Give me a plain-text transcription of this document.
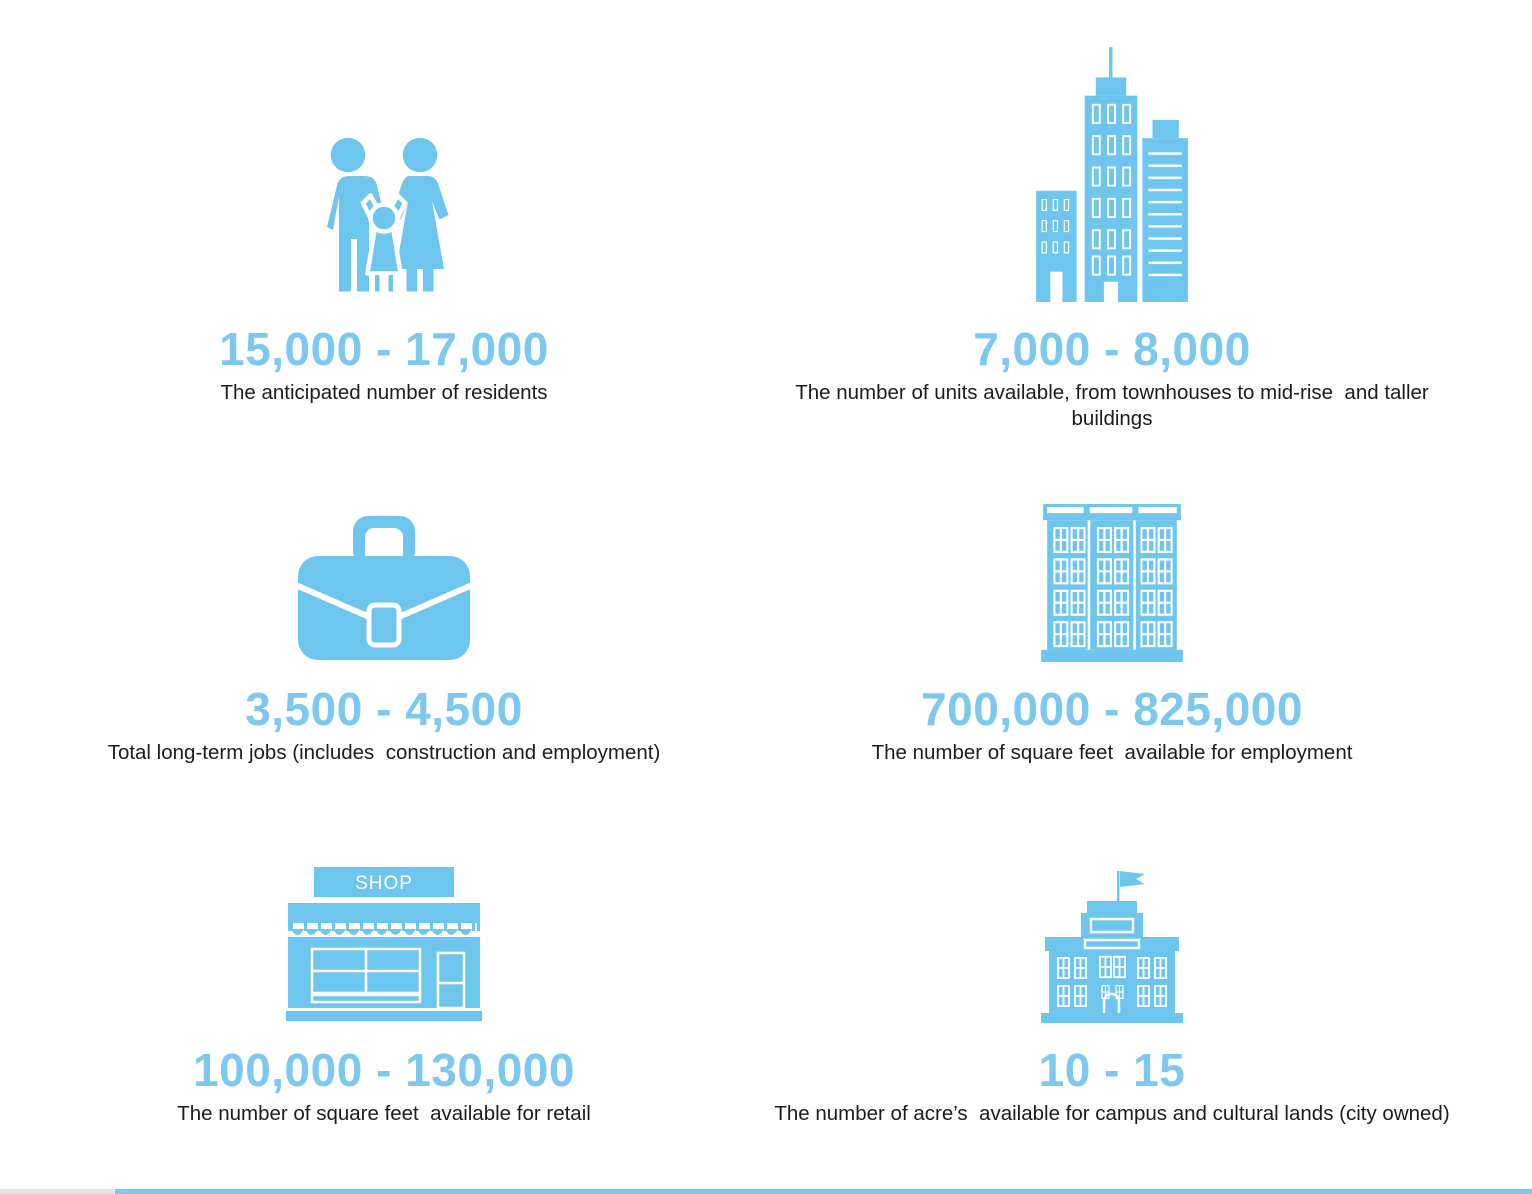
15,000 - 17,000
The anticipated number of residents
7,000 - 8,000
The number of units available, from townhouses to mid-rise  and taller buildings
3,500 - 4,500
Total long-term jobs (includes  construction and employment)
700,000 - 825,000
The number of square feet  available for employment
SHOP
100,000 - 130,000
The number of square feet  available for retail
10 - 15
The number of acre’s  available for campus and cultural lands (city owned)
